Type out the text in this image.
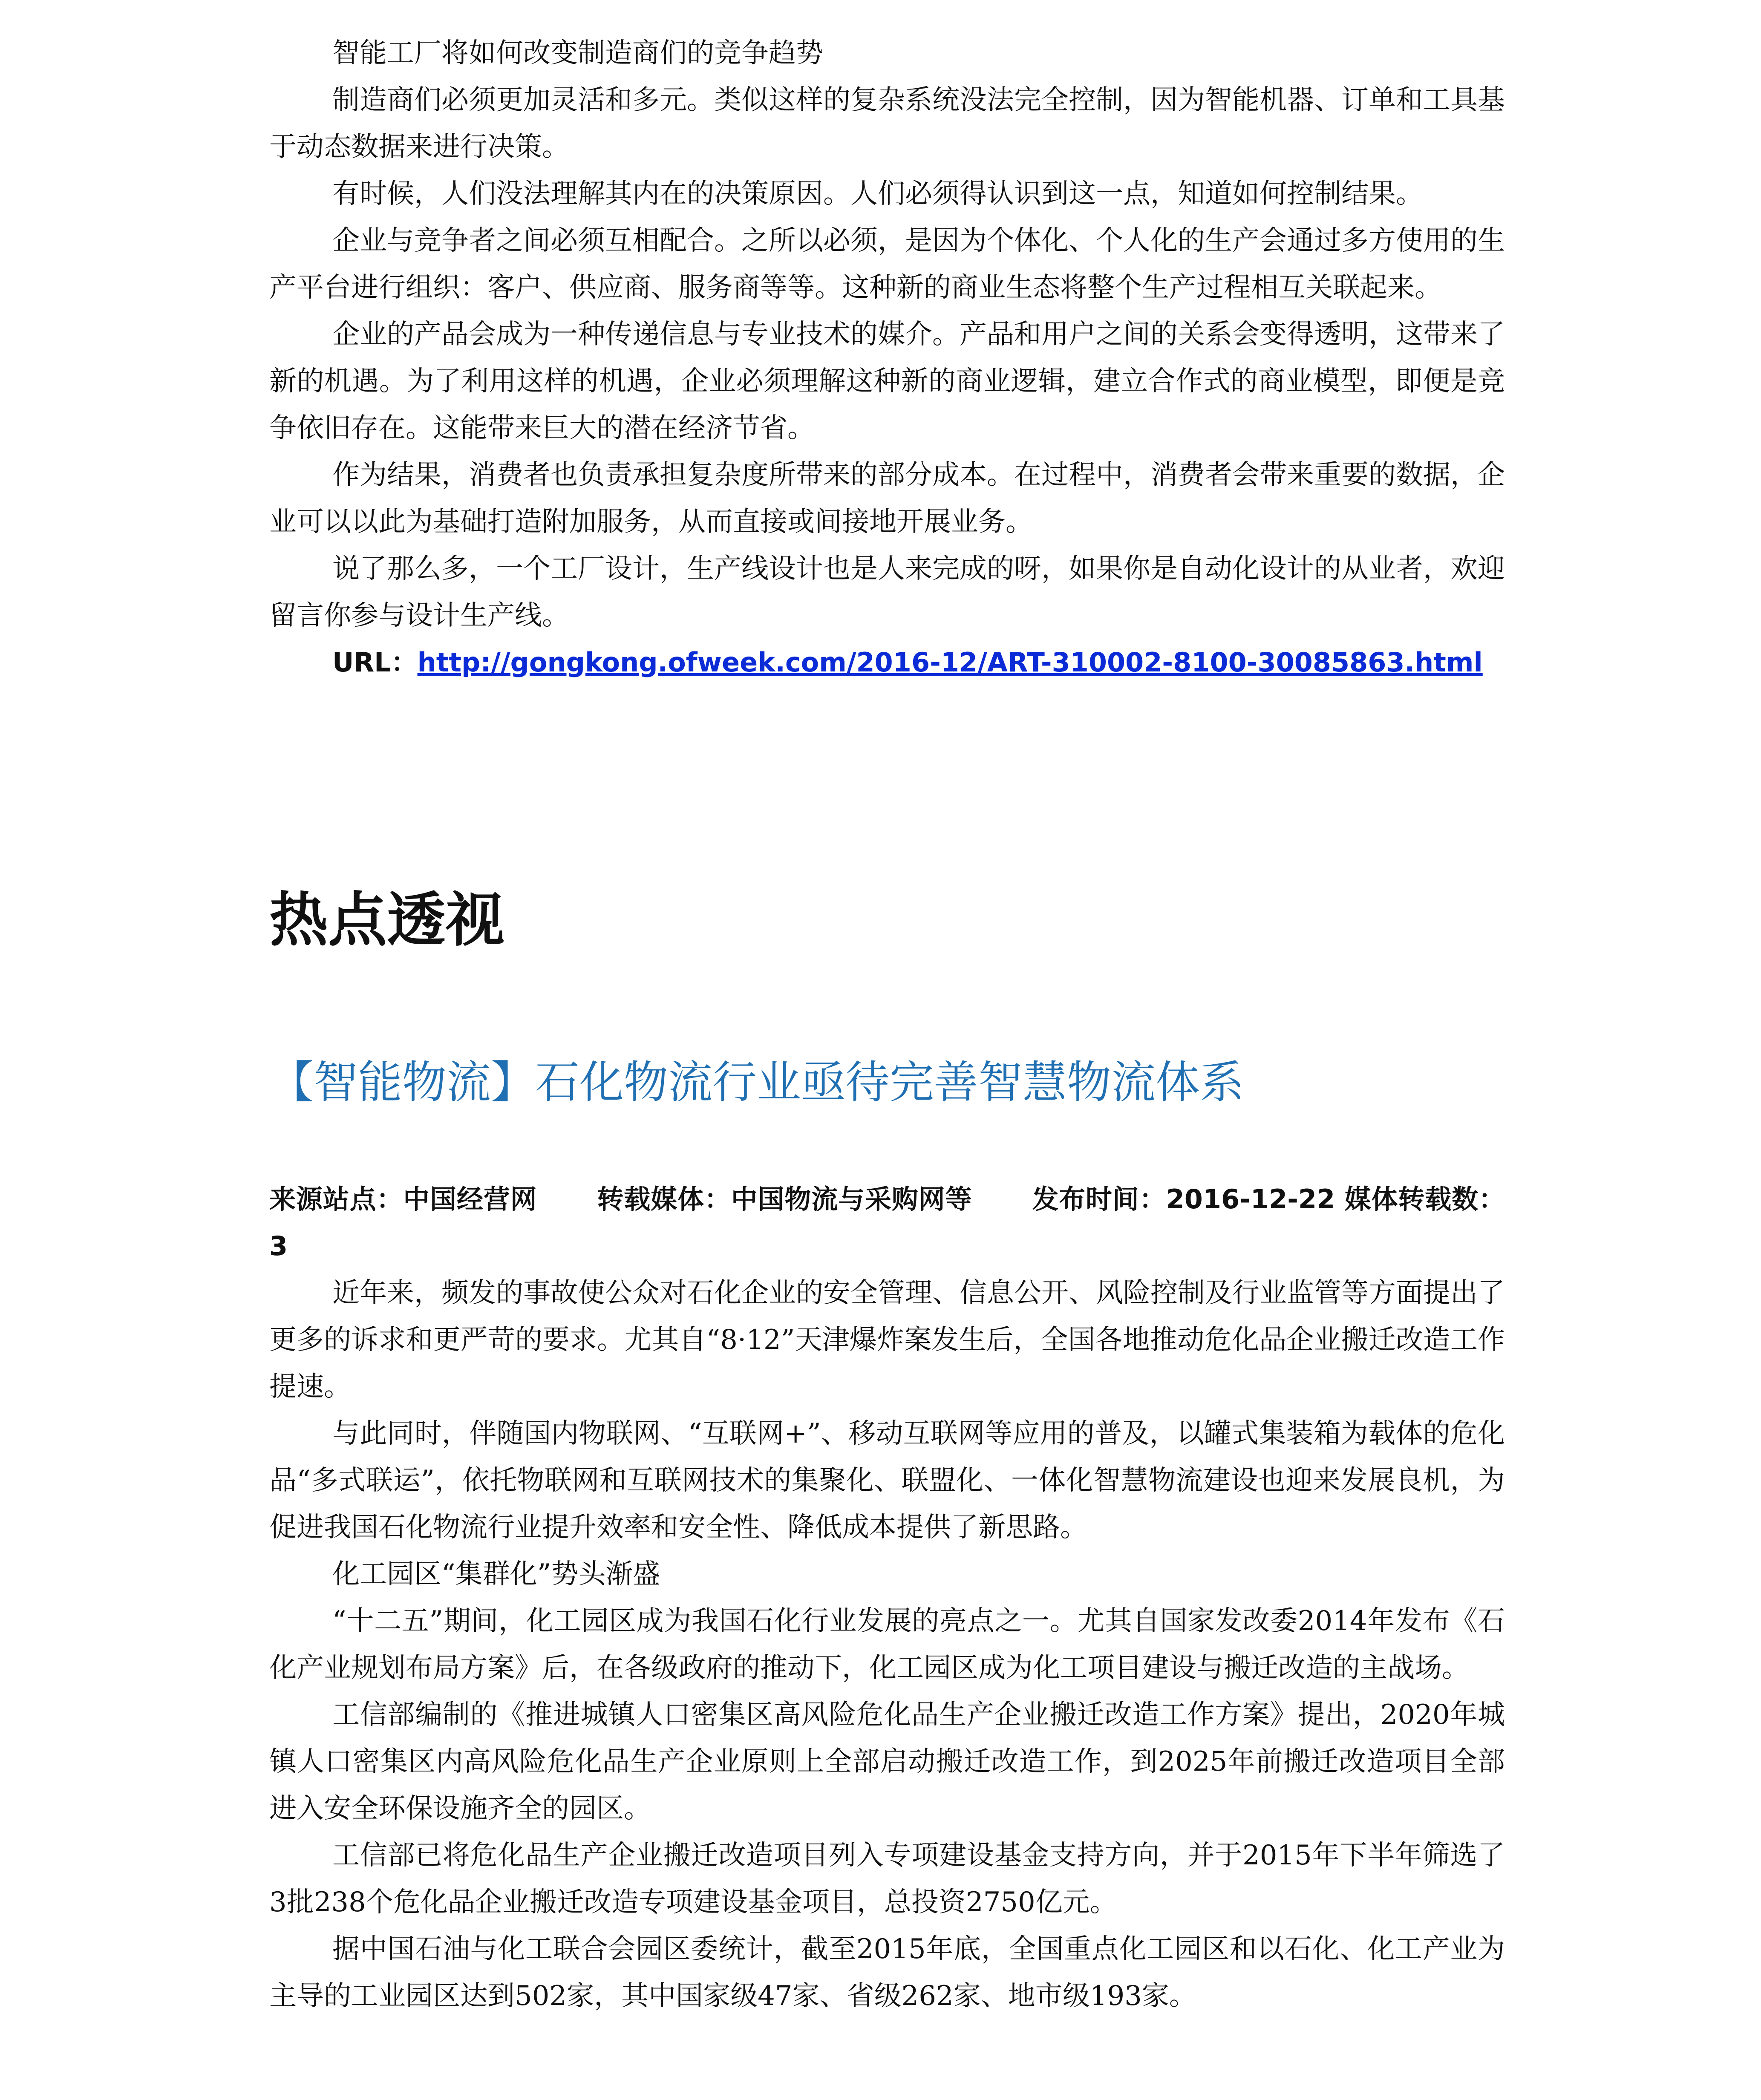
智能工厂将如何改变制造商们的竞争趋势

制造商们必须更加灵活和多元。类似这样的复杂系统没法完全控制，因为智能机器、订单和工具基于动态数据来进行决策。

有时候，人们没法理解其内在的决策原因。人们必须得认识到这一点，知道如何控制结果。

企业与竞争者之间必须互相配合。之所以必须，是因为个体化、个人化的生产会通过多方使用的生产平台进行组织：客户、供应商、服务商等等。这种新的商业生态将整个生产过程相互关联起来。

企业的产品会成为一种传递信息与专业技术的媒介。产品和用户之间的关系会变得透明，这带来了新的机遇。为了利用这样的机遇，企业必须理解这种新的商业逻辑，建立合作式的商业模型，即便是竞争依旧存在。这能带来巨大的潜在经济节省。

作为结果，消费者也负责承担复杂度所带来的部分成本。在过程中，消费者会带来重要的数据，企业可以以此为基础打造附加服务，从而直接或间接地开展业务。

说了那么多，一个工厂设计，生产线设计也是人来完成的呀，如果你是自动化设计的从业者，欢迎留言你参与设计生产线。

URL：http://gongkong.ofweek.com/2016-12/ART-310002-8100-30085863.html

热点透视
【智能物流】石化物流行业亟待完善智慧物流体系
来源站点：中国经营网 转载媒体：中国物流与采购网等 发布时间：2016-12-22 媒体转载数：3

近年来，频发的事故使公众对石化企业的安全管理、信息公开、风险控制及行业监管等方面提出了更多的诉求和更严苛的要求。尤其自“8·12”天津爆炸案发生后，全国各地推动危化品企业搬迁改造工作提速。

与此同时，伴随国内物联网、“互联网+”、移动互联网等应用的普及，以罐式集装箱为载体的危化品“多式联运”，依托物联网和互联网技术的集聚化、联盟化、一体化智慧物流建设也迎来发展良机，为促进我国石化物流行业提升效率和安全性、降低成本提供了新思路。

化工园区“集群化”势头渐盛

“十二五”期间，化工园区成为我国石化行业发展的亮点之一。尤其自国家发改委2014年发布《石化产业规划布局方案》后，在各级政府的推动下，化工园区成为化工项目建设与搬迁改造的主战场。

工信部编制的《推进城镇人口密集区高风险危化品生产企业搬迁改造工作方案》提出，2020年城镇人口密集区内高风险危化品生产企业原则上全部启动搬迁改造工作，到2025年前搬迁改造项目全部进入安全环保设施齐全的园区。

工信部已将危化品生产企业搬迁改造项目列入专项建设基金支持方向，并于2015年下半年筛选了3批238个危化品企业搬迁改造专项建设基金项目，总投资2750亿元。

据中国石油与化工联合会园区委统计，截至2015年底，全国重点化工园区和以石化、化工产业为主导的工业园区达到502家，其中国家级47家、省级262家、地市级193家。
